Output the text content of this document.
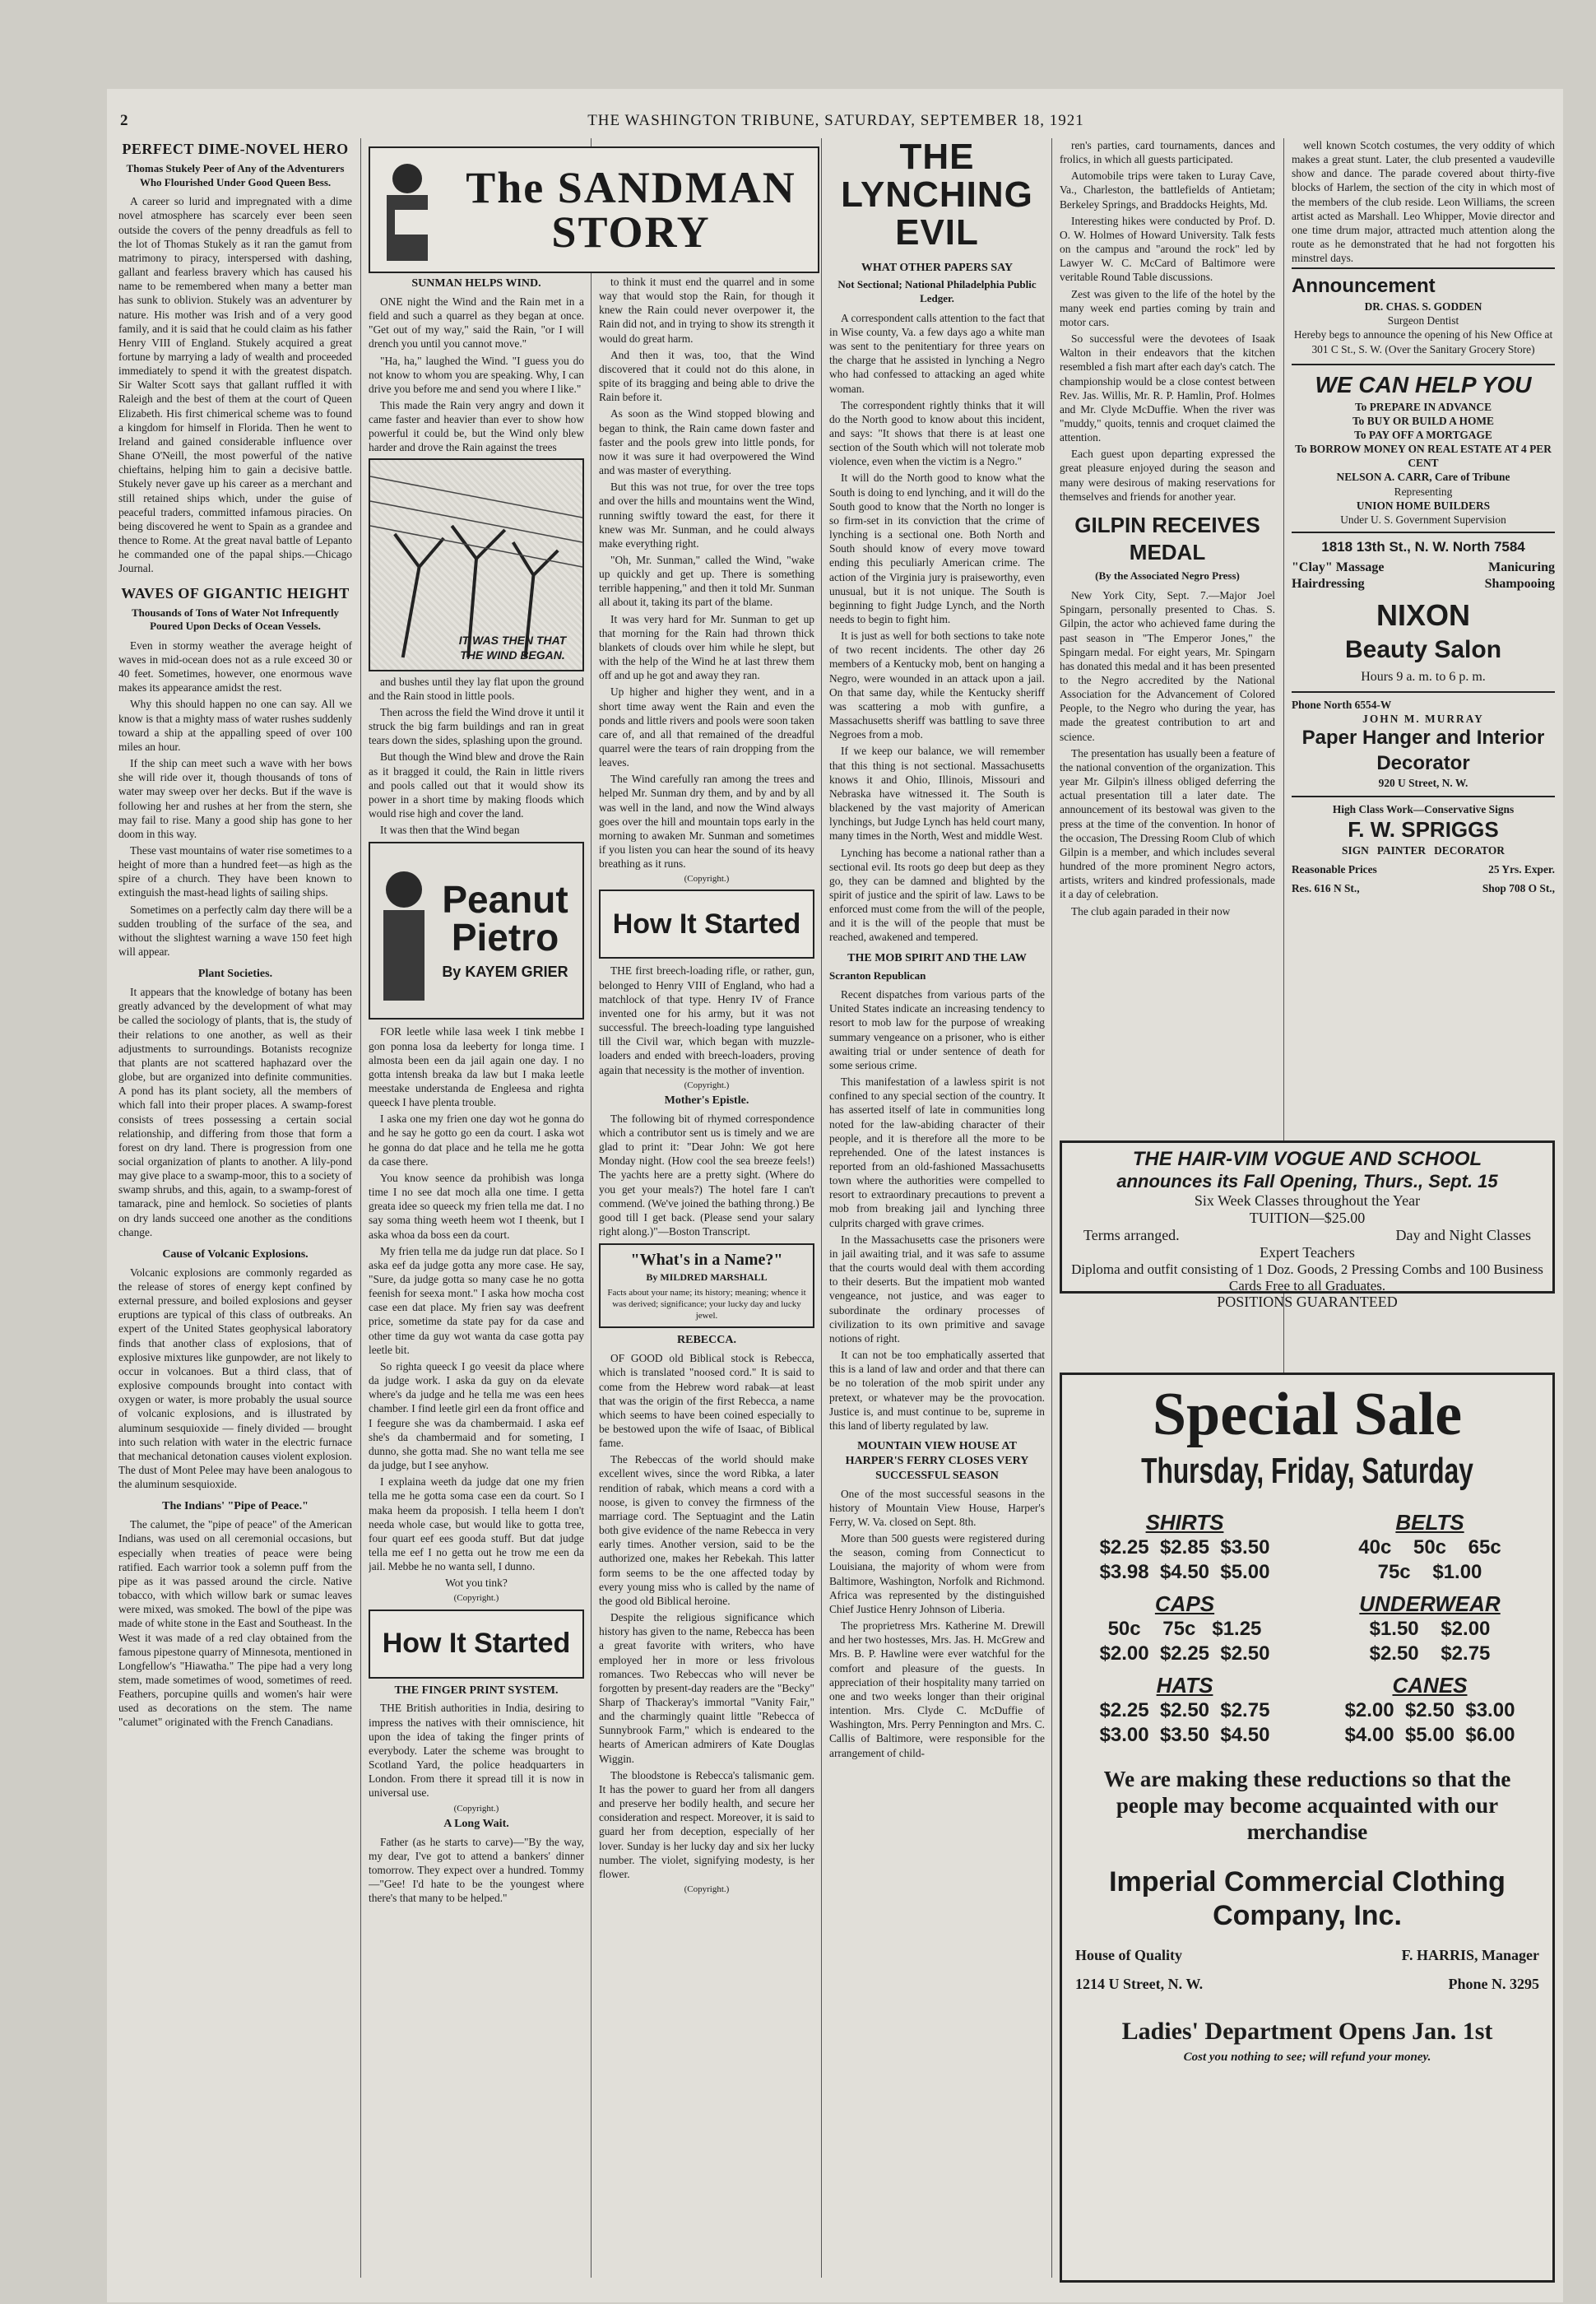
2	THE WASHINGTON TRIBUNE, SATURDAY, SEPTEMBER 18, 1921
PERFECT DIME-NOVEL HERO
Thomas Stukely Peer of Any of the Adventurers Who Flourished Under Good Queen Bess.

A career so lurid and impregnated with a dime novel atmosphere has scarcely ever been seen outside the covers of the penny dreadfuls as fell to the lot of Thomas Stukely as it ran the gamut from matrimony to piracy, interspersed with dashing, gallant and fearless bravery which has caused his name to be remembered when many a better man has sunk to oblivion. Stukely was an adventurer by nature. His mother was Irish and of a very good family, and it is said that he could claim as his father Henry VIII of England. Stukely acquired a great fortune by marrying a lady of wealth and proceeded immediately to spend it with the greatest dispatch. Sir Walter Scott says that gallant ruffled it with Raleigh and the best of them at the court of Queen Elizabeth. His first chimerical scheme was to found a kingdom for himself in Florida. Then he went to Ireland and gained considerable influence over Shane O'Neill, the most powerful of the native chieftains, helping him to gain a decisive battle. Stukely never gave up his career as a merchant and still retained ships which, under the guise of peaceful traders, committed infamous piracies. On being discovered he went to Spain as a grandee and thence to Rome. At the great naval battle of Lepanto he commanded one of the papal ships.—Chicago Journal.

WAVES OF GIGANTIC HEIGHT
Thousands of Tons of Water Not Infrequently Poured Upon Decks of Ocean Vessels.

Even in stormy weather the average height of waves in mid-ocean does not as a rule exceed 30 or 40 feet. Sometimes, however, one enormous wave makes its appearance amidst the rest.

Why this should happen no one can say. All we know is that a mighty mass of water rushes suddenly toward a ship at the appalling speed of over 100 miles an hour.

If the ship can meet such a wave with her bows she will ride over it, though thousands of tons of water may sweep over her decks. But if the wave is following her and rushes at her from the stern, she may fail to rise. Many a good ship has gone to her doom in this way.

These vast mountains of water rise sometimes to a height of more than a hundred feet—as high as the spire of a church. They have been known to extinguish the mast-head lights of sailing ships.

Sometimes on a perfectly calm day there will be a sudden troubling of the surface of the sea, and without the slightest warning a wave 150 feet high will appear.

Plant Societies.

It appears that the knowledge of botany has been greatly advanced by the development of what may be called the sociology of plants, that is, the study of their relations to one another, as well as their adjustments to surroundings. Botanists recognize that plants are not scattered haphazard over the globe, but are organized into definite communities. A pond has its plant society, all the members of which fall into their proper places. A swamp-forest consists of trees possessing a certain social relationship, and differing from those that form a forest on dry land. There is progression from one social organization of plants to another. A lily-pond may give place to a swamp-moor, this to a society of swamp shrubs, and this, again, to a swamp-forest of tamarack, pine and hemlock. So societies of plants on dry lands succeed one another as the conditions change.

Cause of Volcanic Explosions.

Volcanic explosions are commonly regarded as the release of stores of energy kept confined by external pressure, and boiled explosions and geyser eruptions are typical of this class of outbreaks. An expert of the United States geophysical laboratory finds that another class of explosions, that of explosive mixtures like gunpowder, are not likely to occur in volcanoes. But a third class, that of explosive compounds brought into contact with oxygen or water, is more probably the usual source of volcanic explosions, and is illustrated by aluminum sesquioxide — finely divided — brought into such relation with water in the electric furnace that mechanical detonation causes violent explosion. The dust of Mont Pelee may have been analogous to the aluminum sesquioxide.

The Indians' "Pipe of Peace."

The calumet, the "pipe of peace" of the American Indians, was used on all ceremonial occasions, but especially when treaties of peace were being ratified. Each warrior took a solemn puff from the pipe as it was passed around the circle. Native tobacco, with which willow bark or sumac leaves were mixed, was smoked. The bowl of the pipe was made of white stone in the East and Southeast. In the West it was made of a red clay obtained from the famous pipestone quarry of Minnesota, mentioned in Longfellow's "Hiawatha." The pipe had a very long stem, made sometimes of wood, sometimes of reed. Feathers, porcupine quills and women's hair were used as decorations on the stem. The name "calumet" originated with the French Canadians.

The SANDMAN STORY
SUNMAN HELPS WIND.

ONE night the Wind and the Rain met in a field and such a quarrel as they began at once. "Get out of my way," said the Rain, "or I will drench you until you cannot move."

"Ha, ha," laughed the Wind. "I guess you do not know to whom you are speaking. Why, I can drive you before me and send you where I like."

This made the Rain very angry and down it came faster and heavier than ever to show how powerful it could be, but the Wind only blew harder and drove the Rain against the trees

IT WAS THEN THAT THE WIND BEGAN.

and bushes until they lay flat upon the ground and the Rain stood in little pools.

Then across the field the Wind drove it until it struck the big farm buildings and ran in great tears down the sides, splashing upon the ground.

But though the Wind blew and drove the Rain as it bragged it could, the Rain in little rivers and pools called out that it would show its power in a short time by making floods which would rise high and cover the land.

It was then that the Wind began

Peanut Pietro
By KAYEM GRIER

FOR leetle while lasa week I tink mebbe I gon ponna losa da leeberty for longa time. I almosta been een da jail again one day. I no gotta intensh breaka da law but I maka leetle meestake understanda de Engleesa and righta queeck I have plenta trouble.

I aska one my frien one day wot he gonna do and he say he gotto go een da court. I aska wot he gonna do dat place and he tella me he gotta da case there.

You know seence da prohibish was longa time I no see dat moch alla one time. I getta greata idee so queeck my frien tella me dat. I no say soma thing weeth heem wot I theenk, but I aska whoa da boss een da court.

My frien tella me da judge run dat place. So I aska eef da judge gotta any more case. He say, "Sure, da judge gotta so many case he no gotta feenish for seexa mont." I aska how mocha cost case een dat place. My frien say was deefrent price, sometime da state pay for da case and other time da guy wot wanta da case gotta pay leetle bit.

So righta queeck I go veesit da place where da judge work. I aska da guy on da elevate where's da judge and he tella me was een hees chamber. I find leetle girl een da front office and I feegure she was da chambermaid. I aska eef she's da chambermaid and for someting, I dunno, she gotta mad. She no want tella me see da judge, but I see anyhow.

I explaina weeth da judge dat one my frien tella me he gotta soma case een da court. So I maka heem da proposish. I tella heem I don't needa whole case, but would like to gotta tree, four quart eef ees gooda stuff. But dat judge tella me eef I no getta out he trow me een da jail. Mebbe he no wanta sell, I dunno.

Wot you tink?

(Copyright.)

How It Started
THE FINGER PRINT SYSTEM.

THE British authorities in India, desiring to impress the natives with their omniscience, hit upon the idea of taking the finger prints of everybody. Later the scheme was brought to Scotland Yard, the police headquarters in London. From there it spread till it is now in universal use.

(Copyright.)

A Long Wait.

Father (as he starts to carve)—"By the way, my dear, I've got to attend a bankers' dinner tomorrow. They expect over a hundred. Tommy—"Gee! I'd hate to be the youngest where there's that many to be helped."

to think it must end the quarrel and in some way that would stop the Rain, for though it knew the Rain could never overpower it, the Rain did not, and in trying to show its strength it would do great harm.

And then it was, too, that the Wind discovered that it could not do this alone, in spite of its bragging and being able to drive the Rain before it.

As soon as the Wind stopped blowing and began to think, the Rain came down faster and faster and the pools grew into little ponds, for now it was sure it had overpowered the Wind and was master of everything.

But this was not true, for over the tree tops and over the hills and mountains went the Wind, running swiftly toward the east, for there it knew was Mr. Sunman, and he could always make everything right.

"Oh, Mr. Sunman," called the Wind, "wake up quickly and get up. There is something terrible happening," and then it told Mr. Sunman all about it, taking its part of the blame.

It was very hard for Mr. Sunman to get up that morning for the Rain had thrown thick blankets of clouds over him while he slept, but with the help of the Wind he at last threw them off and up he got and away they ran.

Up higher and higher they went, and in a short time away went the Rain and even the ponds and little rivers and pools were soon taken care of, and all that remained of the dreadful quarrel were the tears of rain dropping from the leaves.

The Wind carefully ran among the trees and helped Mr. Sunman dry them, and by and by all was well in the land, and now the Wind always goes over the hill and mountain tops early in the morning to awaken Mr. Sunman and sometimes if you listen you can hear the sound of its heavy breathing as it runs.

(Copyright.)

How It Started

THE first breech-loading rifle, or rather, gun, belonged to Henry VIII of England, who had a matchlock of that type. Henry IV of France invented one for his army, but it was not successful. The breech-loading type languished till the Civil war, which began with muzzle-loaders and ended with breech-loaders, proving again that necessity is the mother of invention.

(Copyright.)

Mother's Epistle.

The following bit of rhymed correspondence which a contributor sent us is timely and we are glad to print it: "Dear John: We got here Monday night. (How cool the sea breeze feels!) The yachts here are a pretty sight. (Where do you get your meals?) The hotel fare I can't commend. (We've joined the bathing throng.) Be good till I get back. (Please send your salary right along.)"—Boston Transcript.

"What's in a Name?"
By MILDRED MARSHALL
Facts about your name; its history; meaning; whence it was derived; significance; your lucky day and lucky jewel.
REBECCA.

OF GOOD old Biblical stock is Rebecca, which is translated "noosed cord." It is said to come from the Hebrew word rabak—at least that was the origin of the first Rebecca, a name which seems to have been coined especially to be bestowed upon the wife of Isaac, of Biblical fame.

The Rebeccas of the world should make excellent wives, since the word Ribka, a later rendition of rabak, which means a cord with a noose, is given to convey the firmness of the marriage cord. The Septuagint and the Latin both give evidence of the name Rebecca in very early times. Another version, said to be the authorized one, makes her Rebekah. This latter form seems to be the one affected today by every young miss who is called by the name of the good old Biblical heroine.

Despite the religious significance which history has given to the name, Rebecca has been a great favorite with writers, who have employed her in more or less frivolous romances. Two Rebeccas who will never be forgotten by present-day readers are the "Becky" Sharp of Thackeray's immortal "Vanity Fair," and the charmingly quaint little "Rebecca of Sunnybrook Farm," which is endeared to the hearts of American admirers of Kate Douglas Wiggin.

The bloodstone is Rebecca's talismanic gem. It has the power to guard her from all dangers and preserve her bodily health, and secure her consideration and respect. Moreover, it is said to guard her from deception, especially of her lover. Sunday is her lucky day and six her lucky number. The violet, signifying modesty, is her flower.

(Copyright.)

THE LYNCHING
EVIL
WHAT OTHER PAPERS SAY
Not Sectional; National Philadelphia Public Ledger.

A correspondent calls attention to the fact that in Wise county, Va. a few days ago a white man was sent to the penitentiary for three years on the charge that he assisted in lynching a Negro who had confessed to attacking an aged white woman.

The correspondent rightly thinks that it will do the North good to know about this incident, and says: "It shows that there is at least one section of the South which will not tolerate mob violence, even when the victim is a Negro."

It will do the North good to know what the South is doing to end lynching, and it will do the South good to know that the North no longer is so firm-set in its conviction that the crime of lynching is a sectional one. Both North and South should know of every move toward ending this peculiarly American crime. The action of the Virginia jury is praiseworthy, even unusual, but it is not unique. The South is beginning to fight Judge Lynch, and the North needs to begin to fight him.

It is just as well for both sections to take note of two recent incidents. The other day 26 members of a Kentucky mob, bent on hanging a Negro, were wounded in an attack upon a jail. On that same day, while the Kentucky sheriff was scattering a mob with gunfire, a Massachusetts sheriff was battling to save three Negroes from a mob.

If we keep our balance, we will remember that this thing is not sectional. Massachusetts knows it and Ohio, Illinois, Missouri and Nebraska have witnessed it. The South is blackened by the vast majority of American lynchings, but Judge Lynch has held court many, many times in the North, West and middle West.

Lynching has become a national rather than a sectional evil. Its roots go deep but deep as they go, they can be damned and blighted by the spirit of justice and the spirit of law. Laws to be enforced must come from the will of the people, and it is the will of the people that must be reached, awakened and tempered.

THE MOB SPIRIT AND THE LAW
Scranton Republican

Recent dispatches from various parts of the United States indicate an increasing tendency to resort to mob law for the purpose of wreaking summary vengeance on a prisoner, who is either awaiting trial or under sentence of death for some serious crime.

This manifestation of a lawless spirit is not confined to any special section of the country. It has asserted itself of late in communities long noted for the law-abiding character of their people, and it is therefore all the more to be reprehended. One of the latest instances is reported from an old-fashioned Massachusetts town where the authorities were compelled to resort to extraordinary precautions to prevent a mob from breaking jail and lynching three culprits charged with grave crimes.

In the Massachusetts case the prisoners were in jail awaiting trial, and it was safe to assume that the courts would deal with them according to their deserts. But the impatient mob wanted vengeance, not justice, and was eager to subordinate the ordinary processes of civilization to its own primitive and savage notions of right.

It can not be too emphatically asserted that this is a land of law and order and that there can be no toleration of the mob spirit under any pretext, or whatever may be the provocation. Justice is, and must continue to be, supreme in this land of liberty regulated by law.

MOUNTAIN VIEW HOUSE AT HARPER'S FERRY CLOSES VERY SUCCESSFUL SEASON

One of the most successful seasons in the history of Mountain View House, Harper's Ferry, W. Va. closed on Sept. 8th.

More than 500 guests were registered during the season, coming from Connecticut to Louisiana, the majority of whom were from Baltimore, Washington, Norfolk and Richmond. Africa was represented by the distinguished Chief Justice Henry Johnson of Liberia.

The proprietress Mrs. Katherine M. Drewill and her two hostesses, Mrs. Jas. H. McGrew and Mrs. B. P. Hawline were ever watchful for the comfort and pleasure of the guests. In appreciation of their hospitality many tarried on one and two weeks longer than their original intention. Mrs. Clyde C. McDuffie of Washington, Mrs. Perry Pennington and Mrs. C. Callis of Baltimore, were responsible for the arrangement of child-

ren's parties, card tournaments, dances and frolics, in which all guests participated.

Automobile trips were taken to Luray Cave, Va., Charleston, the battlefields of Antietam; Berkeley Springs, and Braddocks Heights, Md.

Interesting hikes were conducted by Prof. D. O. W. Holmes of Howard University. Talk fests on the campus and "around the rock" led by Lawyer W. C. McCard of Baltimore were veritable Round Table discussions.

Zest was given to the life of the hotel by the many week end parties coming by train and motor cars.

So successful were the devotees of Isaak Walton in their endeavors that the kitchen resembled a fish mart after each day's catch. The championship would be a close contest between Rev. Jas. Willis, Mr. R. P. Hamlin, Prof. Holmes and Mr. Clyde McDuffie. When the river was "muddy," quoits, tennis and croquet claimed the attention.

Each guest upon departing expressed the great pleasure enjoyed during the season and many were desirous of making reservations for themselves and friends for another year.

GILPIN RECEIVES MEDAL
(By the Associated Negro Press)

New York City, Sept. 7.—Major Joel Spingarn, personally presented to Chas. S. Gilpin, the actor who achieved fame during the past season in "The Emperor Jones," the Spingarn medal. For eight years, Mr. Spingarn has donated this medal and it has been presented to the Negro accredited by the National Association for the Advancement of Colored People, to the Negro who during the year, has made the greatest contribution to art and science.

The presentation has usually been a feature of the national convention of the organization. This year Mr. Gilpin's illness obliged deferring the actual presentation till a later date. The announcement of its bestowal was given to the press at the time of the convention. In honor of the occasion, The Dressing Room Club of which Gilpin is a member, and which includes several hundred of the more prominent Negro actors, artists, writers and kindred professionals, made it a day of celebration.

The club again paraded in their now

well known Scotch costumes, the very oddity of which makes a great stunt. Later, the club presented a vaudeville show and dance. The parade covered about thirty-five blocks of Harlem, the section of the city in which most of the members of the club reside. Leon Williams, the screen artist acted as Marshall. Leo Whipper, Movie director and one time drum major, attracted much attention along the route as he demonstrated that he had not forgotten his minstrel days.

Announcement
DR. CHAS. S. GODDEN
Surgeon Dentist

Hereby begs to announce the opening of his New Office at 301 C St., S. W. (Over the Sanitary Grocery Store)

WE CAN HELP YOU
To PREPARE IN ADVANCE
To BUY OR BUILD A HOME
To PAY OFF A MORTGAGE
To BORROW MONEY ON REAL ESTATE AT 4 PER CENT
NELSON A. CARR, Care of Tribune
Representing
UNION HOME BUILDERS
Under U. S. Government Supervision
1818 13th St., N. W. North 7584
"Clay" Massage	Manicuring
Hairdressing	Shampooing
NIXON
Beauty Salon
Hours 9 a. m. to 6 p. m.
Phone North 6554-W
JOHN M. MURRAY
Paper Hanger and Interior Decorator
920 U Street, N. W.
High Class Work—Conservative Signs
F. W. SPRIGGS
SIGN   PAINTER   DECORATOR
Reasonable Prices	25 Yrs. Exper.
Res. 616 N St.,	Shop 708 O St.,
THE HAIR-VIM VOGUE AND SCHOOL
announces its Fall Opening, Thurs., Sept. 15
Six Week Classes throughout the Year
TUITION—$25.00
Terms arranged.	Day and Night Classes
Expert Teachers
Diploma and outfit consisting of 1 Doz. Goods, 2 Pressing Combs and 100 Business Cards Free to all Graduates.
POSITIONS GUARANTEED
Special Sale
Thursday, Friday, Saturday
SHIRTS
$2.25  $2.85  $3.50
$3.98  $4.50  $5.00
BELTS
40c    50c    65c
75c    $1.00
CAPS
50c    75c   $1.25
$2.00  $2.25  $2.50
UNDERWEAR
$1.50    $2.00
$2.50    $2.75
HATS
$2.25  $2.50  $2.75
$3.00  $3.50  $4.50
CANES
$2.00  $2.50  $3.00
$4.00  $5.00  $6.00
We are making these reductions so that the people may become acquainted with our merchandise
Imperial Commercial Clothing Company, Inc.
House of Quality	F. HARRIS, Manager
1214 U Street, N. W.	Phone N. 3295
Ladies' Department Opens Jan. 1st
Cost you nothing to see; will refund your money.
